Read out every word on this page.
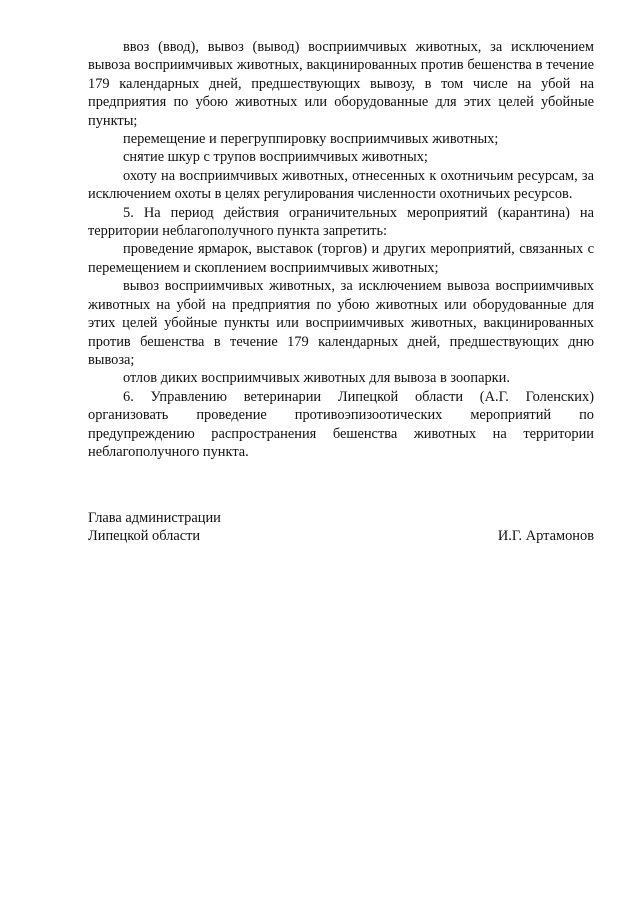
ввоз (ввод), вывоз (вывод) восприимчивых животных, за исключением вывоза восприимчивых животных, вакцинированных против бешенства в течение 179 календарных дней, предшествующих вывозу, в том числе на убой на предприятия по убою животных или оборудованные для этих целей убойные пункты;

перемещение и перегруппировку восприимчивых животных;

снятие шкур с трупов восприимчивых животных;

охоту на восприимчивых животных, отнесенных к охотничьим ресурсам, за исключением охоты в целях регулирования численности охотничьих ресурсов.

5. На период действия ограничительных мероприятий (карантина) на территории неблагополучного пункта запретить:

проведение ярмарок, выставок (торгов) и других мероприятий, связанных с перемещением и скоплением восприимчивых животных;

вывоз восприимчивых животных, за исключением вывоза восприимчивых животных на убой на предприятия по убою животных или оборудованные для этих целей убойные пункты или восприимчивых животных, вакцинированных против бешенства в течение 179 календарных дней, предшествующих дню вывоза;

отлов диких восприимчивых животных для вывоза в зоопарки.

6. Управлению ветеринарии Липецкой области (А.Г. Голенских) организовать проведение противоэпизоотических мероприятий по предупреждению распространения бешенства животных на территории неблагополучного пункта.

Глава администрации
Липецкой области	И.Г. Артамонов
